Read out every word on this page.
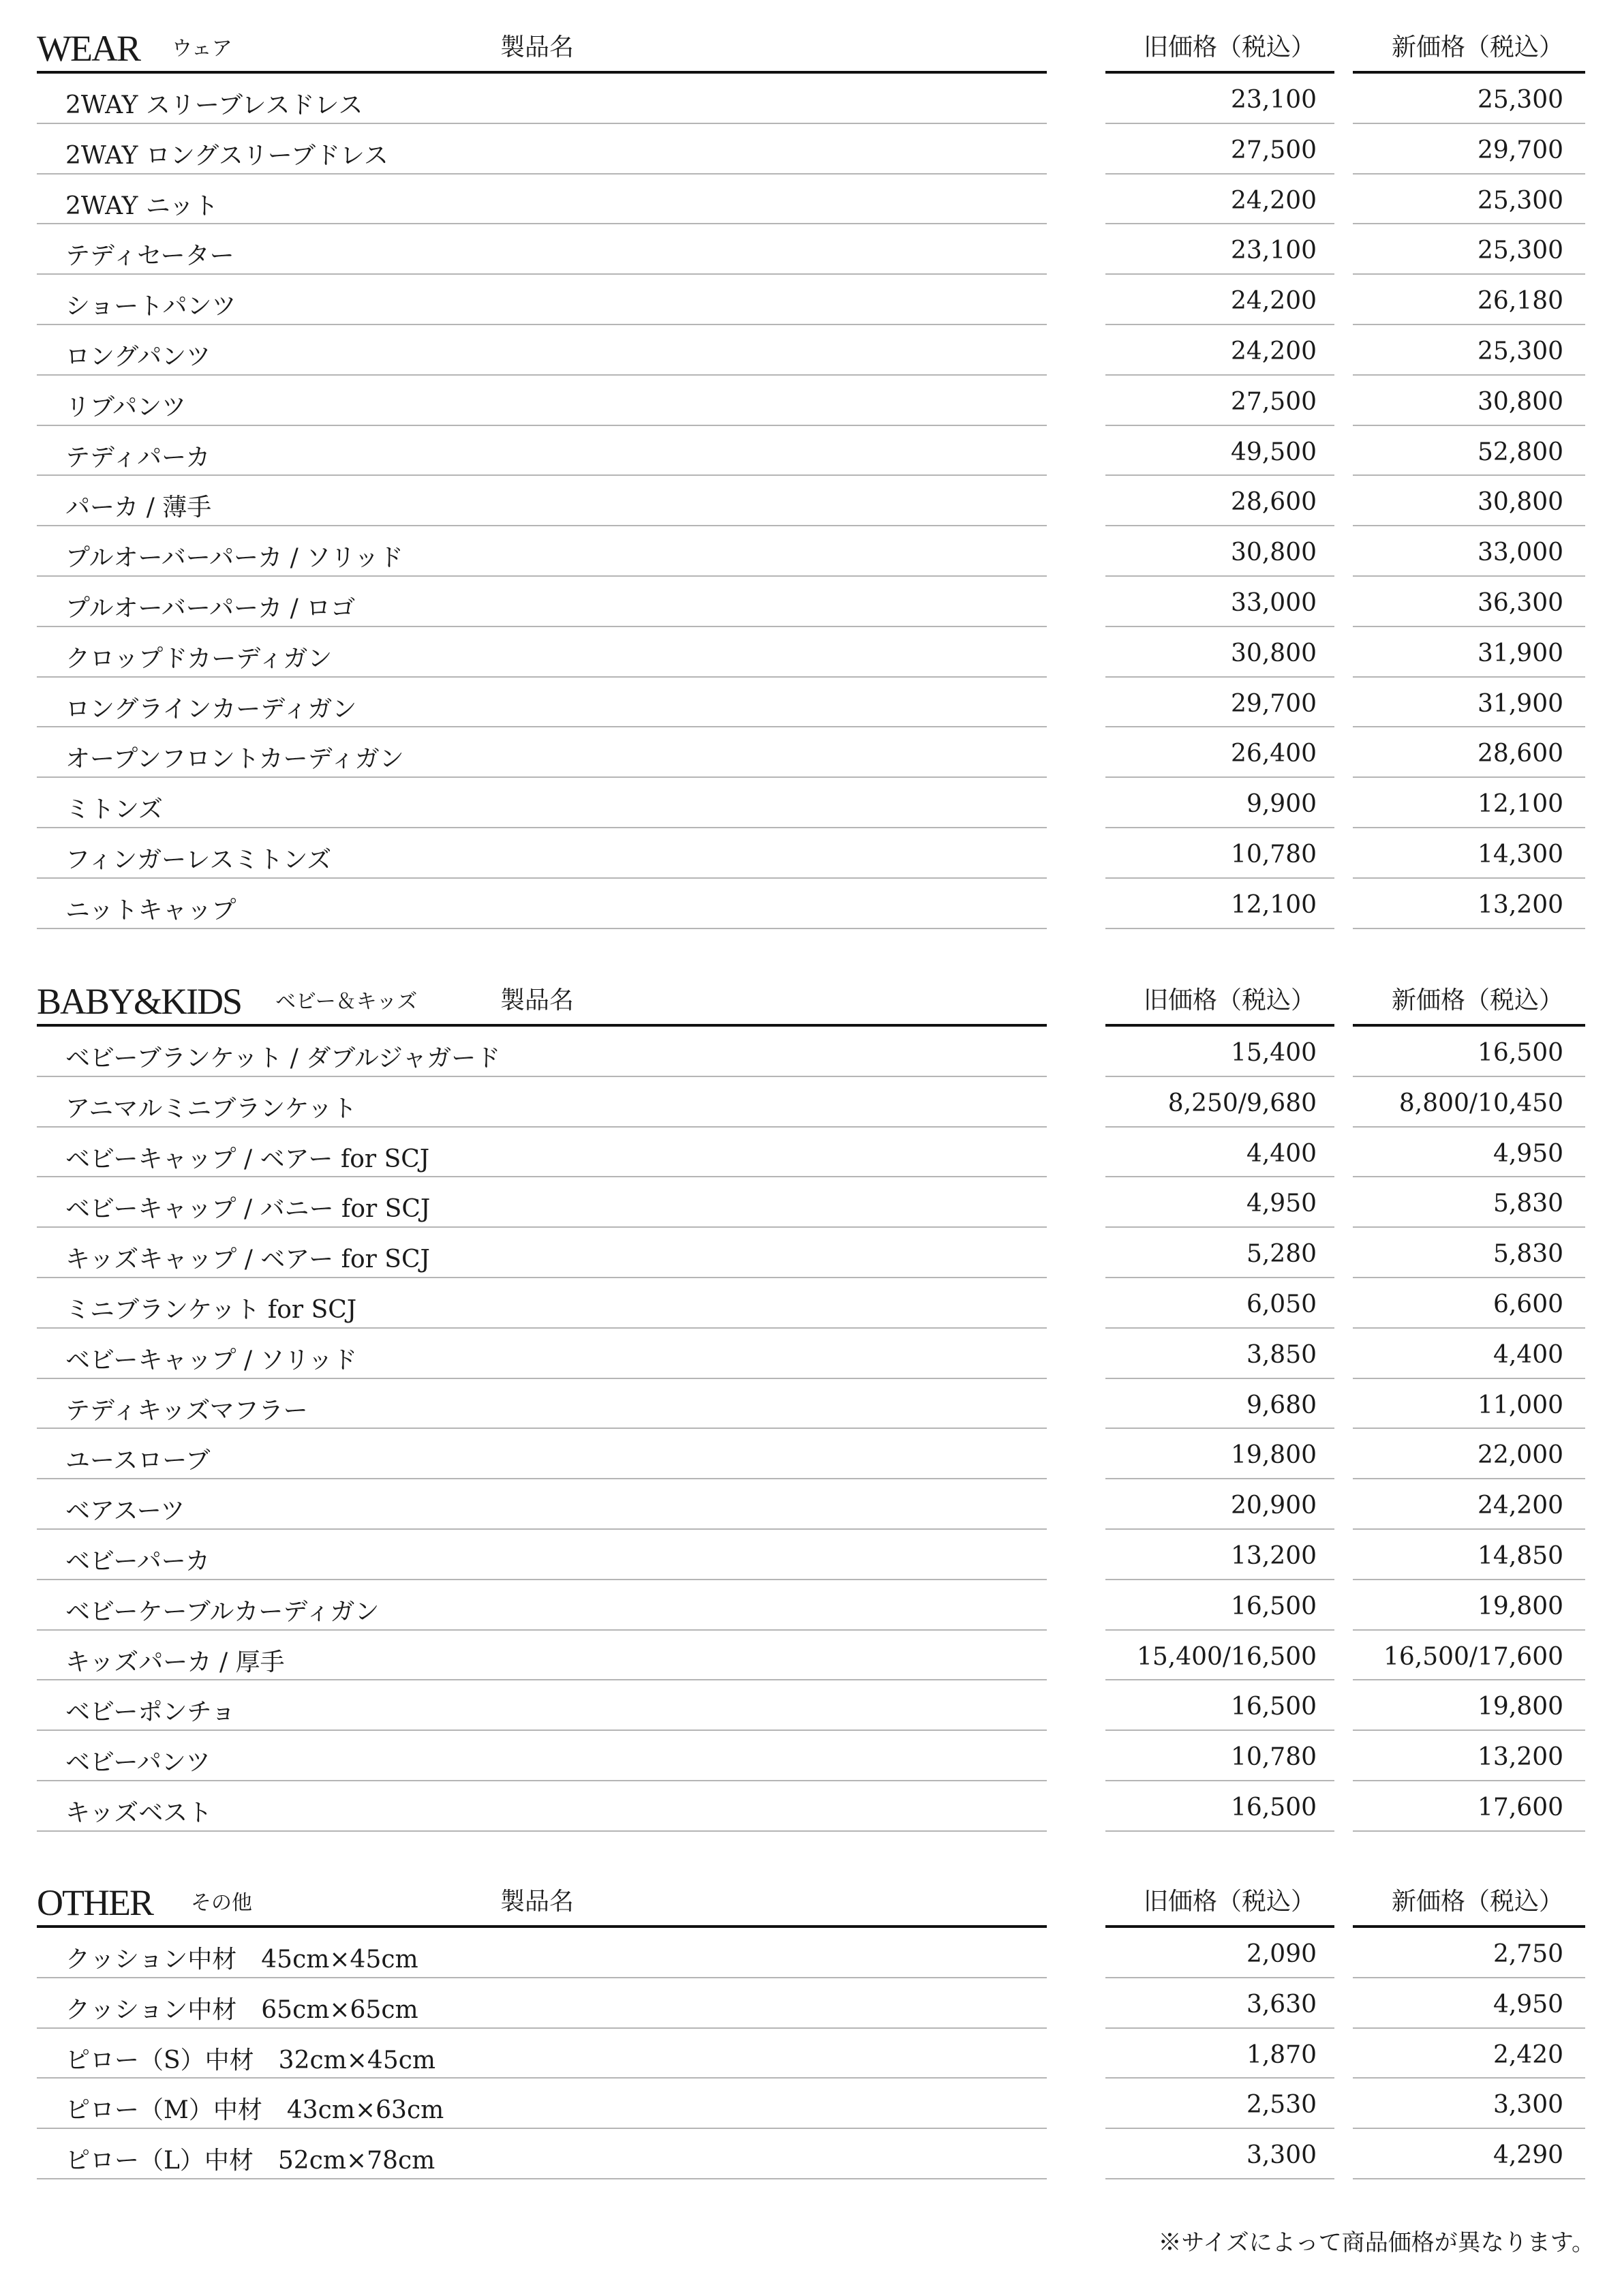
WEAR ウェア	製品名	旧価格（税込）	新価格（税込）
2WAY スリーブレスドレス	23,100	25,300
2WAY ロングスリーブドレス	27,500	29,700
2WAY ニット	24,200	25,300
テディセーター	23,100	25,300
ショートパンツ	24,200	26,180
ロングパンツ	24,200	25,300
リブパンツ	27,500	30,800
テディパーカ	49,500	52,800
パーカ / 薄手	28,600	30,800
プルオーバーパーカ / ソリッド	30,800	33,000
プルオーバーパーカ / ロゴ	33,000	36,300
クロップドカーディガン	30,800	31,900
ロングラインカーディガン	29,700	31,900
オープンフロントカーディガン	26,400	28,600
ミトンズ	9,900	12,100
フィンガーレスミトンズ	10,780	14,300
ニットキャップ	12,100	13,200
BABY&KIDS ベビー＆キッズ	製品名	旧価格（税込）	新価格（税込）
ベビーブランケット / ダブルジャガード	15,400	16,500
アニマルミニブランケット	8,250/9,680	8,800/10,450
ベビーキャップ / ベアー for SCJ	4,400	4,950
ベビーキャップ / バニー for SCJ	4,950	5,830
キッズキャップ / ベアー for SCJ	5,280	5,830
ミニブランケット for SCJ	6,050	6,600
ベビーキャップ / ソリッド	3,850	4,400
テディキッズマフラー	9,680	11,000
ユースローブ	19,800	22,000
ベアスーツ	20,900	24,200
ベビーパーカ	13,200	14,850
ベビーケーブルカーディガン	16,500	19,800
キッズパーカ / 厚手	15,400/16,500	16,500/17,600
ベビーポンチョ	16,500	19,800
ベビーパンツ	10,780	13,200
キッズベスト	16,500	17,600
OTHER その他	製品名	旧価格（税込）	新価格（税込）
クッション中材　45cm×45cm	2,090	2,750
クッション中材　65cm×65cm	3,630	4,950
ピロー（S）中材　32cm×45cm	1,870	2,420
ピロー（M）中材　43cm×63cm	2,530	3,300
ピロー（L）中材　52cm×78cm	3,300	4,290
※サイズによって商品価格が異なります。
